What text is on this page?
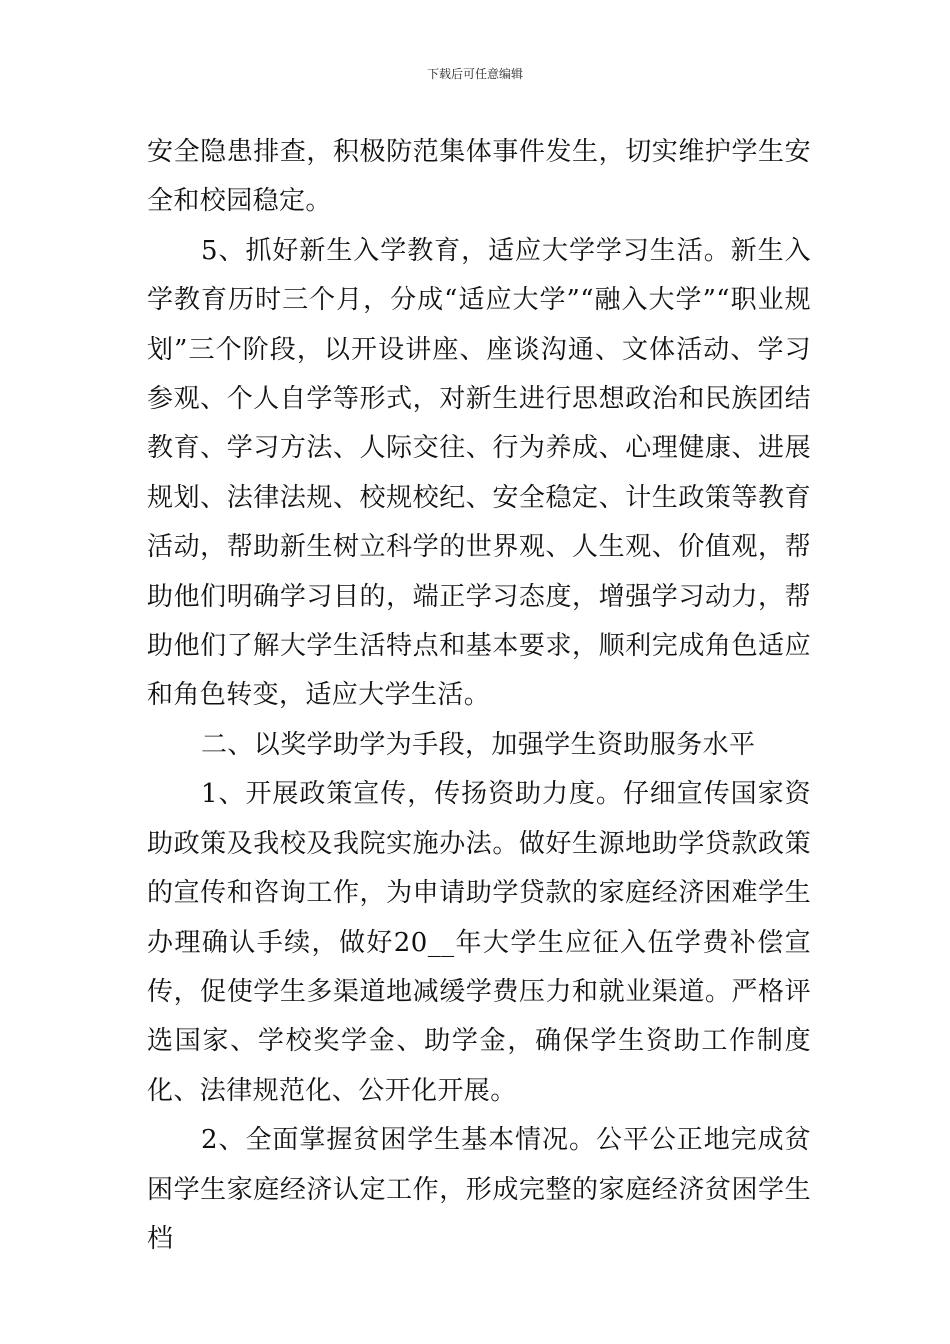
下载后可任意编辑

安全隐患排查，积极防范集体事件发生，切实维护学生安全和校园稳定。

5、抓好新生入学教育，适应大学学习生活。新生入学教育历时三个月，分成“适应大学”“融入大学”“职业规划”三个阶段，以开设讲座、座谈沟通、文体活动、学习参观、个人自学等形式，对新生进行思想政治和民族团结教育、学习方法、人际交往、行为养成、心理健康、进展规划、法律法规、校规校纪、安全稳定、计生政策等教育活动，帮助新生树立科学的世界观、人生观、价值观，帮助他们明确学习目的，端正学习态度，增强学习动力，帮助他们了解大学生活特点和基本要求，顺利完成角色适应和角色转变，适应大学生活。

二、以奖学助学为手段，加强学生资助服务水平

1、开展政策宣传，传扬资助力度。仔细宣传国家资助政策及我校及我院实施办法。做好生源地助学贷款政策的宣传和咨询工作，为申请助学贷款的家庭经济困难学生办理确认手续，做好20__年大学生应征入伍学费补偿宣传，促使学生多渠道地减缓学费压力和就业渠道。严格评选国家、学校奖学金、助学金，确保学生资助工作制度化、法律规范化、公开化开展。

2、全面掌握贫困学生基本情况。公平公正地完成贫困学生家庭经济认定工作，形成完整的家庭经济贫困学生档
